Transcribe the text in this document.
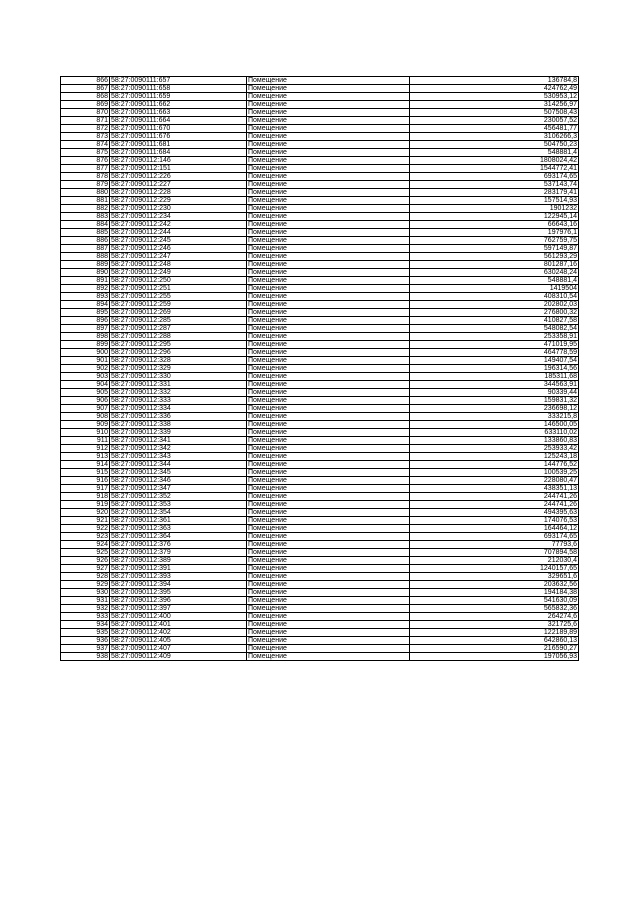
866	58:27:0090111:657	Помещение	136784,8
867	58:27:0090111:658	Помещение	424762,49
868	58:27:0090111:659	Помещение	530953,12
869	58:27:0090111:662	Помещение	314256,97
870	58:27:0090111:663	Помещение	507508,43
871	58:27:0090111:664	Помещение	230057,52
872	58:27:0090111:670	Помещение	456481,77
873	58:27:0090111:676	Помещение	3106266,3
874	58:27:0090111:681	Помещение	504750,23
875	58:27:0090111:684	Помещение	548881,4
876	58:27:0090112:146	Помещение	1808024,42
877	58:27:0090112:151	Помещение	1544772,41
878	58:27:0090112:226	Помещение	693174,65
879	58:27:0090112:227	Помещение	537143,74
880	58:27:0090112:228	Помещение	283179,41
881	58:27:0090112:229	Помещение	157514,93
882	58:27:0090112:230	Помещение	1901232
883	58:27:0090112:234	Помещение	122945,14
884	58:27:0090112:242	Помещение	66643,16
885	58:27:0090112:244	Помещение	197976,1
886	58:27:0090112:245	Помещение	762759,75
887	58:27:0090112:246	Помещение	597149,87
888	58:27:0090112:247	Помещение	561293,29
889	58:27:0090112:248	Помещение	801287,16
890	58:27:0090112:249	Помещение	630248,24
891	58:27:0090112:250	Помещение	548881,4
892	58:27:0090112:251	Помещение	1419504
893	58:27:0090112:255	Помещение	408310,54
894	58:27:0090112:259	Помещение	202802,03
895	58:27:0090112:269	Помещение	276800,32
896	58:27:0090112:285	Помещение	410827,58
897	58:27:0090112:287	Помещение	548082,54
898	58:27:0090112:288	Помещение	253358,91
899	58:27:0090112:295	Помещение	471019,95
900	58:27:0090112:296	Помещение	464778,59
901	58:27:0090112:328	Помещение	149407,54
902	58:27:0090112:329	Помещение	196314,56
903	58:27:0090112:330	Помещение	185311,68
904	58:27:0090112:331	Помещение	344563,91
905	58:27:0090112:332	Помещение	90339,44
906	58:27:0090112:333	Помещение	159831,32
907	58:27:0090112:334	Помещение	236698,12
908	58:27:0090112:336	Помещение	333215,8
909	58:27:0090112:338	Помещение	146500,05
910	58:27:0090112:339	Помещение	633110,02
911	58:27:0090112:341	Помещение	133860,83
912	58:27:0090112:342	Помещение	253933,42
913	58:27:0090112:343	Помещение	125243,18
914	58:27:0090112:344	Помещение	144776,52
915	58:27:0090112:345	Помещение	100539,25
916	58:27:0090112:346	Помещение	228080,47
917	58:27:0090112:347	Помещение	438351,13
918	58:27:0090112:352	Помещение	244741,26
919	58:27:0090112:353	Помещение	244741,26
920	58:27:0090112:354	Помещение	494395,63
921	58:27:0090112:361	Помещение	174076,53
922	58:27:0090112:363	Помещение	164464,12
923	58:27:0090112:364	Помещение	693174,65
924	58:27:0090112:376	Помещение	77793,6
925	58:27:0090112:379	Помещение	707894,58
926	58:27:0090112:389	Помещение	212030,4
927	58:27:0090112:391	Помещение	1240157,65
928	58:27:0090112:393	Помещение	329651,6
929	58:27:0090112:394	Помещение	203632,56
930	58:27:0090112:395	Помещение	194184,38
931	58:27:0090112:396	Помещение	541630,09
932	58:27:0090112:397	Помещение	565832,36
933	58:27:0090112:400	Помещение	264274,6
934	58:27:0090112:401	Помещение	321725,6
935	58:27:0090112:402	Помещение	122189,89
936	58:27:0090112:405	Помещение	642860,13
937	58:27:0090112:407	Помещение	216590,27
938	58:27:0090112:409	Помещение	197056,93
